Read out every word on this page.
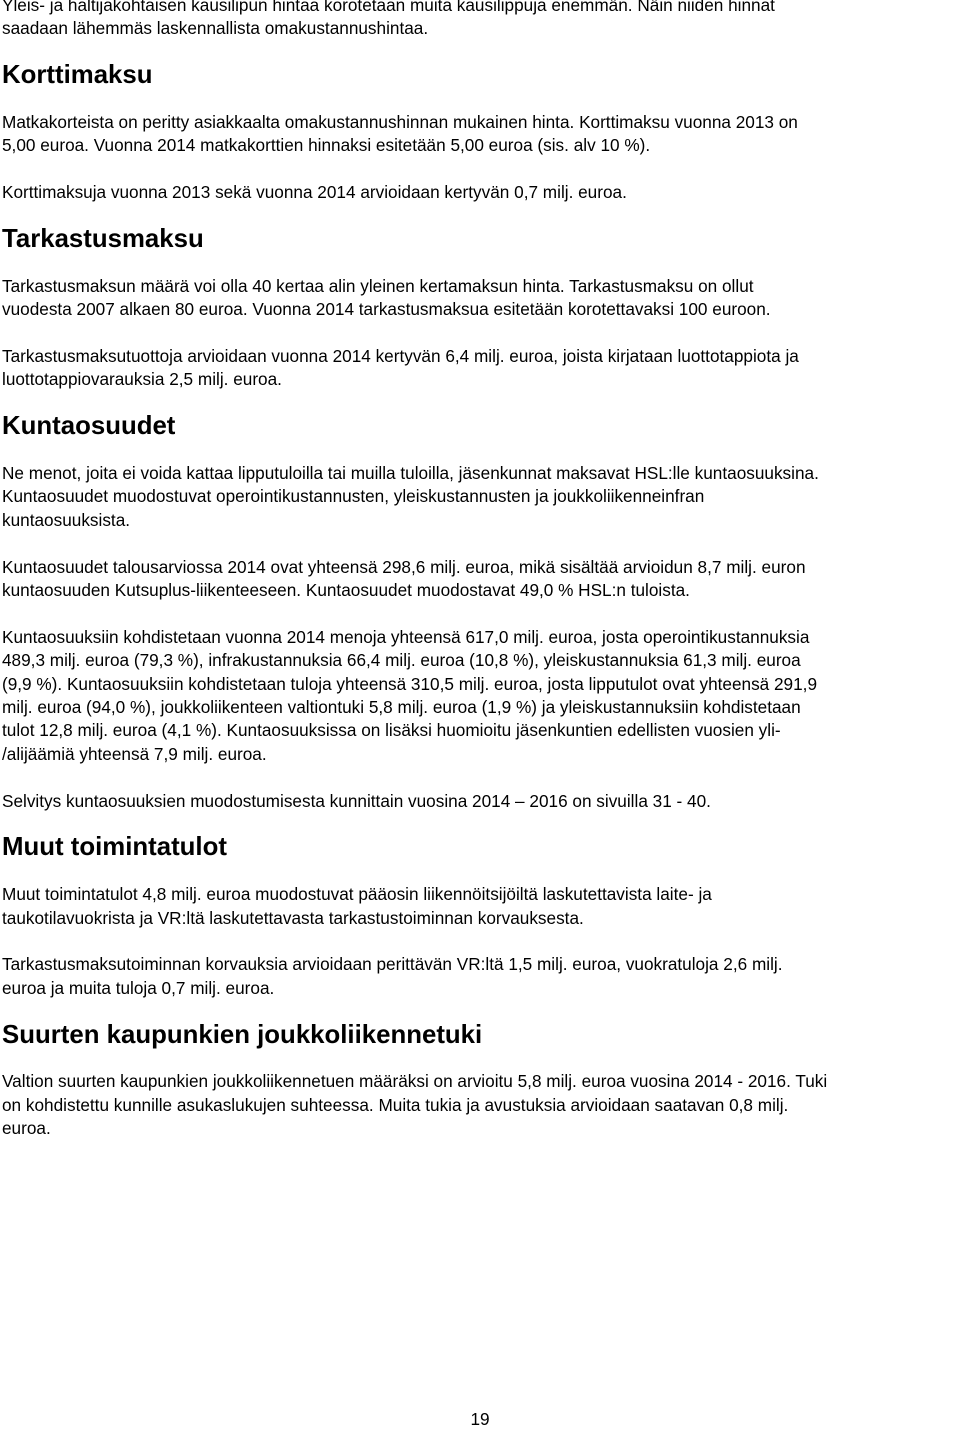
Yleis- ja haltijakohtaisen kausilipun hintaa korotetaan muita kausilippuja enemmän. Näin niiden hinnat
saadaan lähemmäs laskennallista omakustannushintaa.

Korttimaksu

Matkakorteista on peritty asiakkaalta omakustannushinnan mukainen hinta. Korttimaksu vuonna 2013 on
5,00 euroa. Vuonna 2014 matkakorttien hinnaksi esitetään 5,00 euroa (sis. alv 10 %).

Korttimaksuja vuonna 2013 sekä vuonna 2014 arvioidaan kertyvän 0,7 milj. euroa.

Tarkastusmaksu

Tarkastusmaksun määrä voi olla 40 kertaa alin yleinen kertamaksun hinta. Tarkastusmaksu on ollut
vuodesta 2007 alkaen 80 euroa. Vuonna 2014 tarkastusmaksua esitetään korotettavaksi 100 euroon.

Tarkastusmaksutuottoja arvioidaan vuonna 2014 kertyvän 6,4 milj. euroa, joista kirjataan luottotappiota ja
luottotappiovarauksia 2,5 milj. euroa.

Kuntaosuudet

Ne menot, joita ei voida kattaa lipputuloilla tai muilla tuloilla, jäsenkunnat maksavat HSL:lle kuntaosuuksina.
Kuntaosuudet muodostuvat operointikustannusten, yleiskustannusten ja joukkoliikenneinfran
kuntaosuuksista.

Kuntaosuudet talousarviossa 2014 ovat yhteensä 298,6 milj. euroa, mikä sisältää arvioidun 8,7 milj. euron
kuntaosuuden Kutsuplus-liikenteeseen. Kuntaosuudet muodostavat 49,0 % HSL:n tuloista.

Kuntaosuuksiin kohdistetaan vuonna 2014 menoja yhteensä 617,0 milj. euroa, josta operointikustannuksia
489,3 milj. euroa (79,3 %), infrakustannuksia 66,4 milj. euroa (10,8 %), yleiskustannuksia 61,3 milj. euroa
(9,9 %). Kuntaosuuksiin kohdistetaan tuloja yhteensä 310,5 milj. euroa, josta lipputulot ovat yhteensä 291,9
milj. euroa (94,0 %), joukkoliikenteen valtiontuki 5,8 milj. euroa (1,9 %) ja yleiskustannuksiin kohdistetaan
tulot 12,8 milj. euroa (4,1 %). Kuntaosuuksissa on lisäksi huomioitu jäsenkuntien edellisten vuosien yli-
/alijäämiä yhteensä 7,9 milj. euroa.

Selvitys kuntaosuuksien muodostumisesta kunnittain vuosina 2014 – 2016 on sivuilla 31 - 40.

Muut toimintatulot

Muut toimintatulot 4,8 milj. euroa muodostuvat pääosin liikennöitsijöiltä laskutettavista laite- ja
taukotilavuokrista ja VR:ltä laskutettavasta tarkastustoiminnan korvauksesta.

Tarkastusmaksutoiminnan korvauksia arvioidaan perittävän VR:ltä 1,5 milj. euroa, vuokratuloja 2,6 milj.
euroa ja muita tuloja 0,7 milj. euroa.

Suurten kaupunkien joukkoliikennetuki

Valtion suurten kaupunkien joukkoliikennetuen määräksi on arvioitu 5,8 milj. euroa vuosina 2014 - 2016. Tuki
on kohdistettu kunnille asukaslukujen suhteessa. Muita tukia ja avustuksia arvioidaan saatavan 0,8 milj.
euroa.

19
